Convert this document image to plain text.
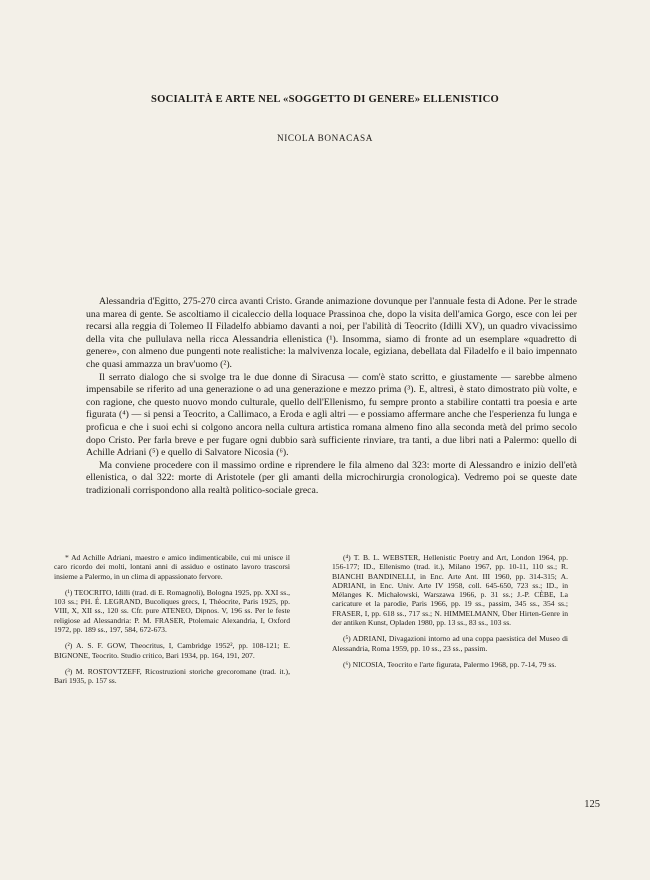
SOCIALITÀ E ARTE NEL «SOGGETTO DI GENERE» ELLENISTICO

NICOLA BONACASA

Alessandria d'Egitto, 275-270 circa avanti Cristo. Grande animazione dovunque per l'annuale festa di Adone. Per le strade una marea di gente. Se ascoltiamo il cicaleccio della loquace Prassinoa che, dopo la visita dell'amica Gorgo, esce con lei per recarsi alla reggia di Tolemeo II Filadelfo abbiamo davanti a noi, per l'abilità di Teocrito (Idilli XV), un quadro vivacissimo della vita che pullulava nella ricca Alessandria ellenistica (¹). Insomma, siamo di fronte ad un esemplare «quadretto di genere», con almeno due pungenti note realistiche: la malvivenza locale, egiziana, debellata dal Filadelfo e il baio impennato che quasi ammazza un brav'uomo (²).

Il serrato dialogo che si svolge tra le due donne di Siracusa — com'è stato scritto, e giustamente — sarebbe almeno impensabile se riferito ad una generazione o ad una generazione e mezzo prima (³). E, altresì, è stato dimostrato più volte, e con ragione, che questo nuovo mondo culturale, quello dell'Ellenismo, fu sempre pronto a stabilire contatti tra poesia e arte figurata (⁴) — si pensi a Teocrito, a Callimaco, a Eroda e agli altri — e possiamo affermare anche che l'esperienza fu lunga e proficua e che i suoi echi si colgono ancora nella cultura artistica romana almeno fino alla seconda metà del primo secolo dopo Cristo. Per farla breve e per fugare ogni dubbio sarà sufficiente rinviare, tra tanti, a due libri nati a Palermo: quello di Achille Adriani (⁵) e quello di Salvatore Nicosia (⁶).

Ma conviene procedere con il massimo ordine e riprendere le fila almeno dal 323: morte di Alessandro e inizio dell'età ellenistica, o dal 322: morte di Aristotele (per gli amanti della microchirurgia cronologica). Vedremo poi se queste date tradizionali corrispondono alla realtà politico-sociale greca.

* Ad Achille Adriani, maestro e amico indimenticabile, cui mi unisce il caro ricordo dei molti, lontani anni di assiduo e ostinato lavoro trascorsi insieme a Palermo, in un clima di appassionato fervore.

(¹) TEOCRITO, Idilli (trad. di E. Romagnoli), Bologna 1925, pp. XXI ss., 103 ss.; PH. É. LEGRAND, Bucoliques grecs, I, Théocrite, Paris 1925, pp. VIII, X, XII ss., 120 ss. Cfr. pure ATENEO, Dipnos. V, 196 ss. Per le feste religiose ad Alessandria: P. M. FRASER, Ptolemaic Alexandria, I, Oxford 1972, pp. 189 ss., 197, 584, 672-673.

(²) A. S. F. GOW, Theocritus, I, Cambridge 1952², pp. 108-121; E. BIGNONE, Teocrito. Studio critico, Bari 1934, pp. 164, 191, 207.

(³) M. ROSTOVTZEFF, Ricostruzioni storiche grecoromane (trad. it.), Bari 1935, p. 157 ss.

(⁴) T. B. L. WEBSTER, Hellenistic Poetry and Art, London 1964, pp. 156-177; ID., Ellenismo (trad. it.), Milano 1967, pp. 10-11, 110 ss.; R. BIANCHI BANDINELLI, in Enc. Arte Ant. III 1960, pp. 314-315; A. ADRIANI, in Enc. Univ. Arte IV 1958, coll. 645-650, 723 ss.; ID., in Mélanges K. Michałowski, Warszawa 1966, p. 31 ss.; J.-P. CÈBE, La caricature et la parodie, Paris 1966, pp. 19 ss., passim, 345 ss., 354 ss.; FRASER, I, pp. 618 ss., 717 ss.; N. HIMMELMANN, Über Hirten-Genre in der antiken Kunst, Opladen 1980, pp. 13 ss., 83 ss., 103 ss.

(⁵) ADRIANI, Divagazioni intorno ad una coppa paesistica del Museo di Alessandria, Roma 1959, pp. 10 ss., 23 ss., passim.

(⁶) NICOSIA, Teocrito e l'arte figurata, Palermo 1968, pp. 7-14, 79 ss.

125
